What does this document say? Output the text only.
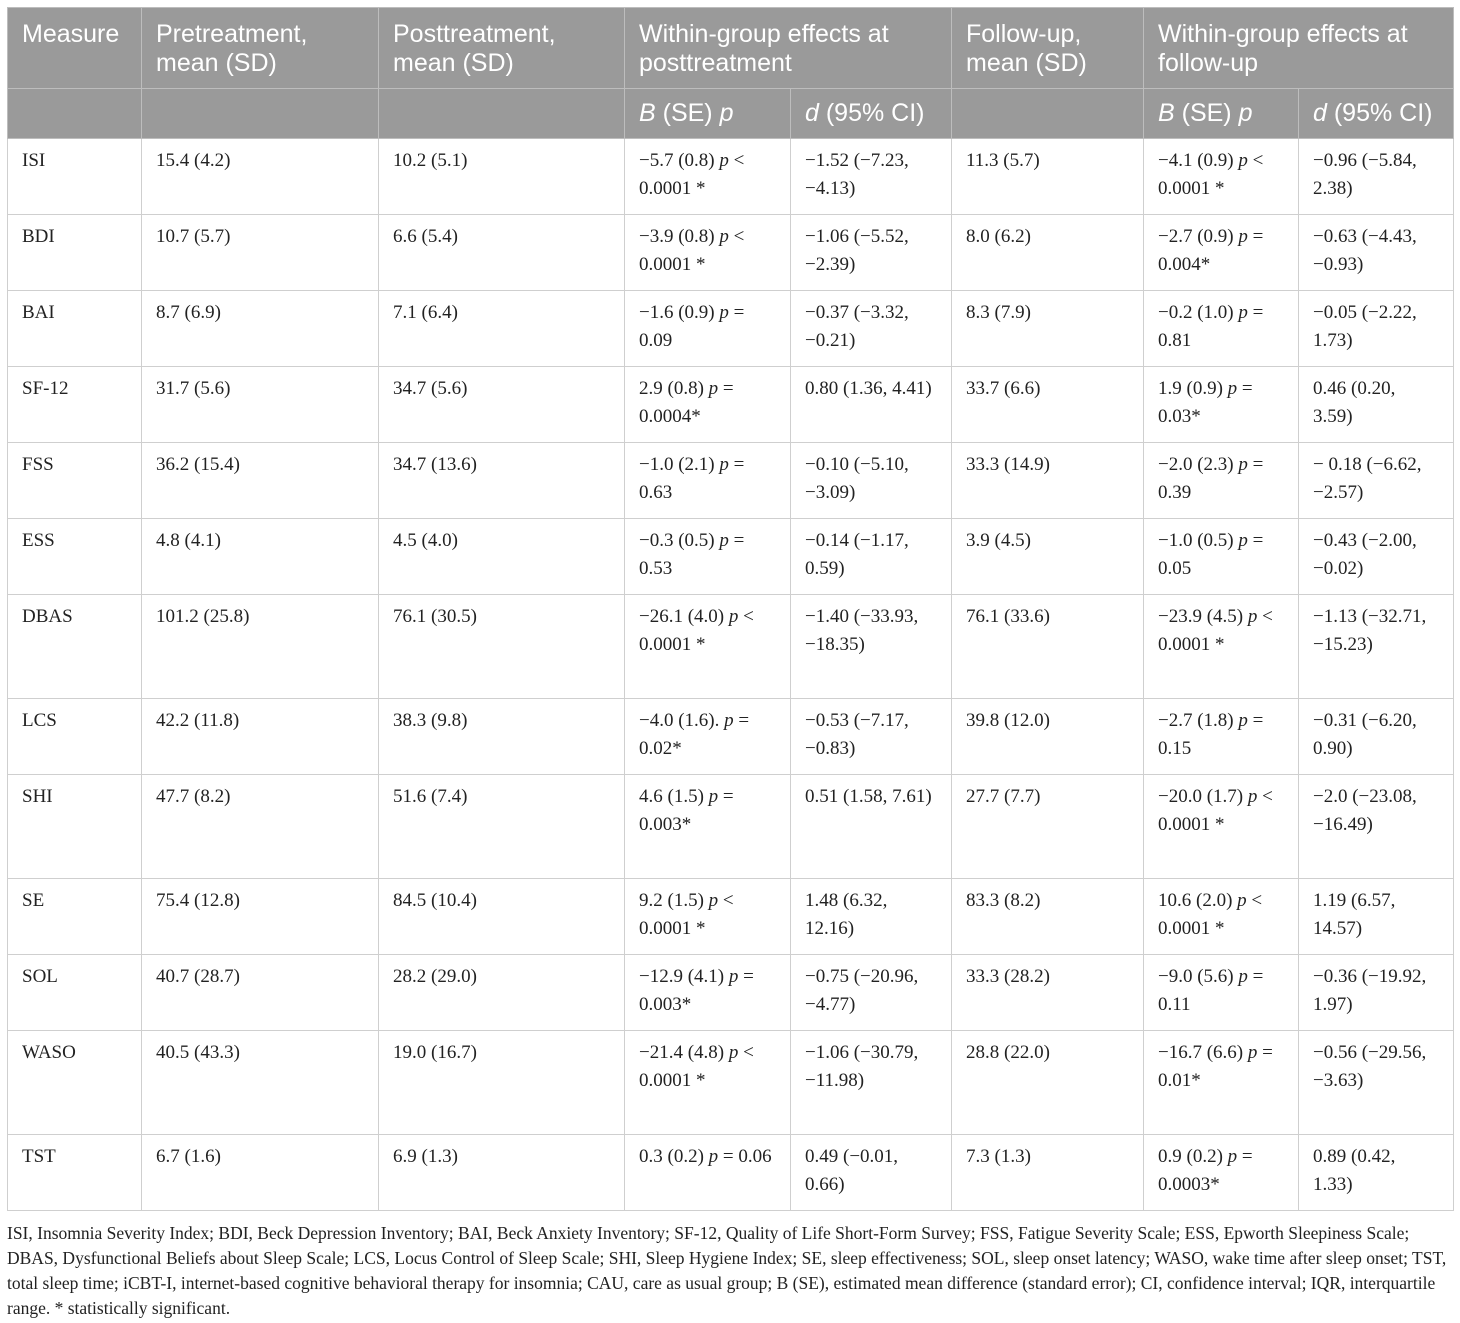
Measure	Pretreatment, mean (SD)	Posttreatment, mean (SD)	Within-group effects at posttreatment		Follow-up, mean (SD)	Within-group effects at follow-up	
			B (SE) p	d (95% CI)		B (SE) p	d (95% CI)
ISI	15.4 (4.2)	10.2 (5.1)	−5.7 (0.8) p < 0.0001 *	−1.52 (−7.23, −4.13)	11.3 (5.7)	−4.1 (0.9) p < 0.0001 *	−0.96 (−5.84, 2.38)
BDI	10.7 (5.7)	6.6 (5.4)	−3.9 (0.8) p < 0.0001 *	−1.06 (−5.52, −2.39)	8.0 (6.2)	−2.7 (0.9) p = 0.004*	−0.63 (−4.43, −0.93)
BAI	8.7 (6.9)	7.1 (6.4)	−1.6 (0.9) p = 0.09	−0.37 (−3.32, −0.21)	8.3 (7.9)	−0.2 (1.0) p = 0.81	−0.05 (−2.22, 1.73)
SF-12	31.7 (5.6)	34.7 (5.6)	2.9 (0.8) p = 0.0004*	0.80 (1.36, 4.41)	33.7 (6.6)	1.9 (0.9) p = 0.03*	0.46 (0.20, 3.59)
FSS	36.2 (15.4)	34.7 (13.6)	−1.0 (2.1) p = 0.63	−0.10 (−5.10, −3.09)	33.3 (14.9)	−2.0 (2.3) p = 0.39	− 0.18 (−6.62, −2.57)
ESS	4.8 (4.1)	4.5 (4.0)	−0.3 (0.5) p = 0.53	−0.14 (−1.17, 0.59)	3.9 (4.5)	−1.0 (0.5) p = 0.05	−0.43 (−2.00, −0.02)
DBAS	101.2 (25.8)	76.1 (30.5)	−26.1 (4.0) p < 0.0001 *	−1.40 (−33.93, −18.35)	76.1 (33.6)	−23.9 (4.5) p < 0.0001 *	−1.13 (−32.71, −15.23)
LCS	42.2 (11.8)	38.3 (9.8)	−4.0 (1.6). p = 0.02*	−0.53 (−7.17, −0.83)	39.8 (12.0)	−2.7 (1.8) p = 0.15	−0.31 (−6.20, 0.90)
SHI	47.7 (8.2)	51.6 (7.4)	4.6 (1.5) p = 0.003*	0.51 (1.58, 7.61)	27.7 (7.7)	−20.0 (1.7) p < 0.0001 *	−2.0 (−23.08, −16.49)
SE	75.4 (12.8)	84.5 (10.4)	9.2 (1.5) p < 0.0001 *	1.48 (6.32, 12.16)	83.3 (8.2)	10.6 (2.0) p < 0.0001 *	1.19 (6.57, 14.57)
SOL	40.7 (28.7)	28.2 (29.0)	−12.9 (4.1) p = 0.003*	−0.75 (−20.96, −4.77)	33.3 (28.2)	−9.0 (5.6) p = 0.11	−0.36 (−19.92, 1.97)
WASO	40.5 (43.3)	19.0 (16.7)	−21.4 (4.8) p < 0.0001 *	−1.06 (−30.79, −11.98)	28.8 (22.0)	−16.7 (6.6) p = 0.01*	−0.56 (−29.56, −3.63)
TST	6.7 (1.6)	6.9 (1.3)	0.3 (0.2) p = 0.06	0.49 (−0.01, 0.66)	7.3 (1.3)	0.9 (0.2) p = 0.0003*	0.89 (0.42, 1.33)
ISI, Insomnia Severity Index; BDI, Beck Depression Inventory; BAI, Beck Anxiety Inventory; SF-12, Quality of Life Short-Form Survey; FSS, Fatigue Severity Scale; ESS, Epworth Sleepiness Scale; DBAS, Dysfunctional Beliefs about Sleep Scale; LCS, Locus Control of Sleep Scale; SHI, Sleep Hygiene Index; SE, sleep effectiveness; SOL, sleep onset latency; WASO, wake time after sleep onset; TST, total sleep time; iCBT-I, internet-based cognitive behavioral therapy for insomnia; CAU, care as usual group; B (SE), estimated mean difference (standard error); CI, confidence interval; IQR, interquartile range. * statistically significant.
